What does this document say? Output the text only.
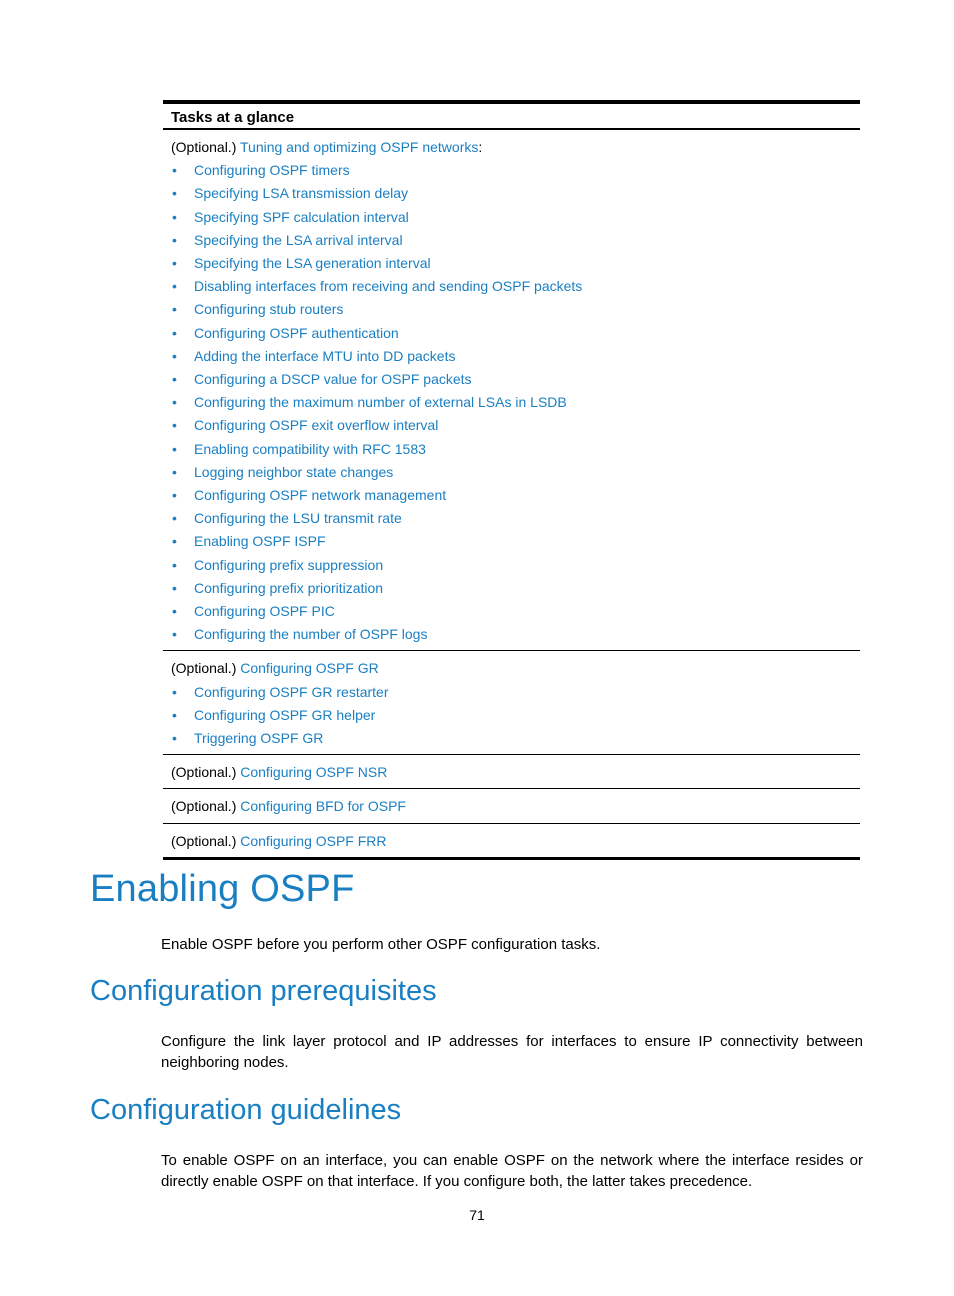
Tasks at a glance
(Optional.) Tuning and optimizing OSPF networks:
• Configuring OSPF timers
• Specifying LSA transmission delay
• Specifying SPF calculation interval
• Specifying the LSA arrival interval
• Specifying the LSA generation interval
• Disabling interfaces from receiving and sending OSPF packets
• Configuring stub routers
• Configuring OSPF authentication
• Adding the interface MTU into DD packets
• Configuring a DSCP value for OSPF packets
• Configuring the maximum number of external LSAs in LSDB
• Configuring OSPF exit overflow interval
• Enabling compatibility with RFC 1583
• Logging neighbor state changes
• Configuring OSPF network management
• Configuring the LSU transmit rate
• Enabling OSPF ISPF
• Configuring prefix suppression
• Configuring prefix prioritization
• Configuring OSPF PIC
• Configuring the number of OSPF logs
(Optional.) Configuring OSPF GR
• Configuring OSPF GR restarter
• Configuring OSPF GR helper
• Triggering OSPF GR
(Optional.) Configuring OSPF NSR
(Optional.) Configuring BFD for OSPF
(Optional.) Configuring OSPF FRR
Enabling OSPF

Enable OSPF before you perform other OSPF configuration tasks.

Configuration prerequisites

Configure the link layer protocol and IP addresses for interfaces to ensure IP connectivity between neighboring nodes.

Configuration guidelines

To enable OSPF on an interface, you can enable OSPF on the network where the interface resides or directly enable OSPF on that interface. If you configure both, the latter takes precedence.

71
